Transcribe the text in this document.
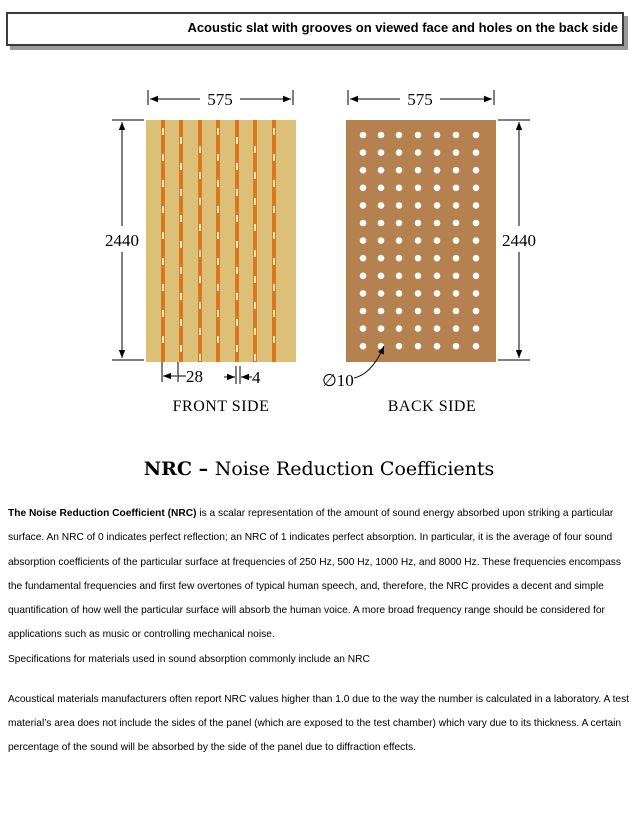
Acoustic slat with grooves on viewed face and holes on the back side
575
2440
28	4
FRONT SIDE
575
2440
∅10
BACK SIDE
NRC – Noise Reduction Coefficients
The Noise Reduction Coefficient (NRC) is a scalar representation of the amount of sound energy absorbed upon striking a particular surface. An NRC of 0 indicates perfect reflection; an NRC of 1 indicates perfect absorption. In particular, it is the average of four sound absorption coefficients of the particular surface at frequencies of 250 Hz, 500 Hz, 1000 Hz, and 8000 Hz. These frequencies encompass the fundamental frequencies and first few overtones of typical human speech, and, therefore, the NRC provides a decent and simple quantification of how well the particular surface will absorb the human voice. A more broad frequency range should be considered for applications such as music or controlling mechanical noise.
Specifications for materials used in sound absorption commonly include an NRC
Acoustical materials manufacturers often report NRC values higher than 1.0 due to the way the number is calculated in a laboratory. A test material’s area does not include the sides of the panel (which are exposed to the test chamber) which vary due to its thickness. A certain percentage of the sound will be absorbed by the side of the panel due to diffraction effects.
